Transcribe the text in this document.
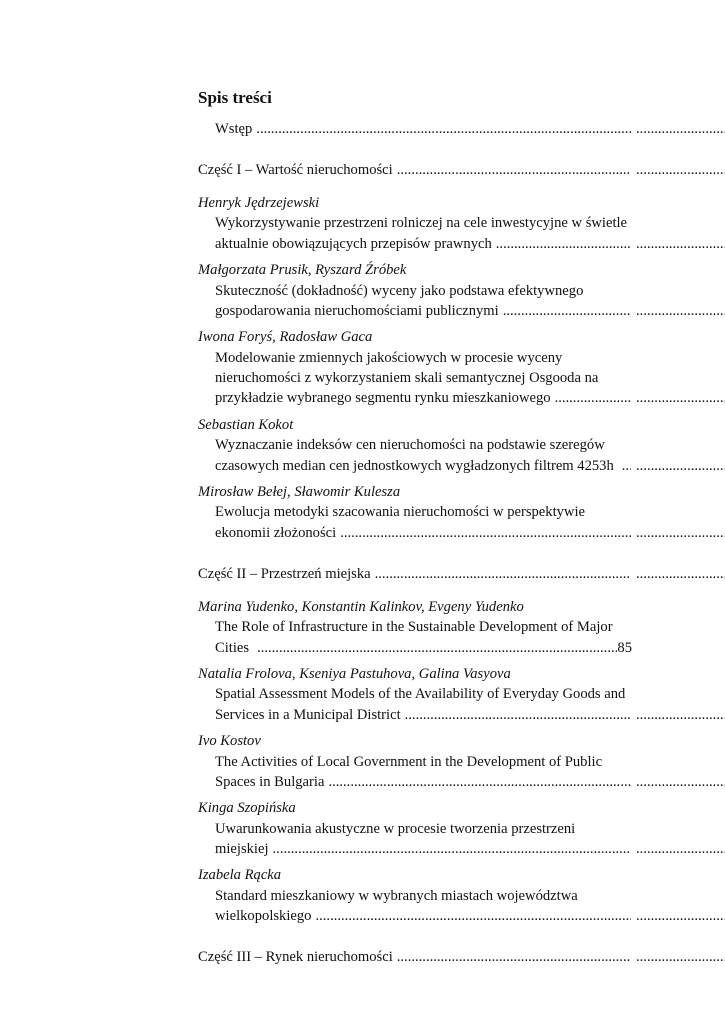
Spis treści
Wstęp
.....
.....
Część I – Wartość nieruchomości
.....
.....
Henryk Jędrzejewski
Wykorzystywanie przestrzeni rolniczej na cele inwestycyjne w świetle
aktualnie obowiązujących przepisów prawnych
.....
.....
Małgorzata Prusik, Ryszard Źróbek
Skuteczność (dokładność) wyceny jako podstawa efektywnego
gospodarowania nieruchomościami publicznymi
.....
.....
Iwona Foryś, Radosław Gaca
Modelowanie zmiennych jakościowych w procesie wyceny
nieruchomości z wykorzystaniem skali semantycznej Osgooda na
przykładzie wybranego segmentu rynku mieszkaniowego
.....
.....
Sebastian Kokot
Wyznaczanie indeksów cen nieruchomości na podstawie szeregów
czasowych median cen jednostkowych wygładzonych filtrem 4253h
.....
.....
Mirosław Bełej, Sławomir Kulesza
Ewolucja metodyki szacowania nieruchomości w perspektywie
ekonomii złożoności
.....
.....
Część II – Przestrzeń miejska
.....
.....
Marina Yudenko, Konstantin Kalinkov, Evgeny Yudenko
The Role of Infrastructure in the Sustainable Development of Major
Cities
.....	85
Natalia Frolova, Kseniya Pastuhova, Galina Vasyova
Spatial Assessment Models of the Availability of Everyday Goods and
Services in a Municipal District
.....
.....
Ivo Kostov
The Activities of Local Government in the Development of Public
Spaces in Bulgaria
.....
.....
Kinga Szopińska
Uwarunkowania akustyczne w procesie tworzenia przestrzeni
miejskiej
.....
.....
Izabela Rącka
Standard mieszkaniowy w wybranych miastach województwa
wielkopolskiego
.....
.....
Część III – Rynek nieruchomości
.....
.....
